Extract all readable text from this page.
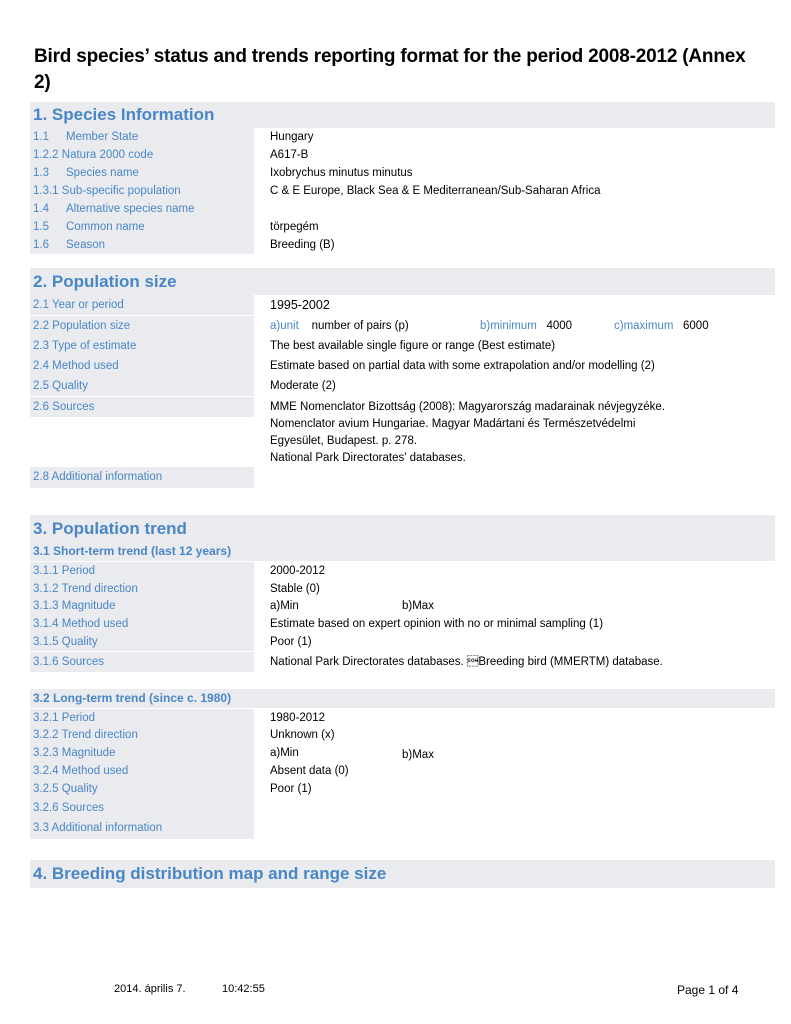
Bird species’ status and trends reporting format for the period 2008-2012 (Annex 2)
1. Species Information
1.1 Member State	Hungary
1.2.2 Natura 2000 code	A617-B
1.3 Species name	Ixobrychus minutus minutus
1.3.1 Sub-specific population	C & E Europe, Black Sea & E Mediterranean/Sub-Saharan Africa
1.4 Alternative species name
1.5 Common name	törpegém
1.6 Season	Breeding (B)
2. Population size
2.1 Year or period	1995-2002
2.2 Population size	a)unit number of pairs (p)	b)minimum 4000	c)maximum 6000
2.3 Type of estimate	The best available single figure or range (Best estimate)
2.4 Method used	Estimate based on partial data with some extrapolation and/or modelling (2)
2.5 Quality	Moderate (2)
2.6 Sources	MME Nomenclator Bizottság (2008): Magyarország madarainak névjegyzéke.
Nomenclator avium Hungariae. Magyar Madártani és Természetvédelmi
Egyesület, Budapest. p. 278.
National Park Directorates' databases.
2.8 Additional information
3. Population trend
3.1 Short-term trend (last 12 years)
3.1.1 Period	2000-2012
3.1.2 Trend direction	Stable (0)
3.1.3 Magnitude	a)Min	b)Max
3.1.4 Method used	Estimate based on expert opinion with no or minimal sampling (1)
3.1.5 Quality	Poor (1)
3.1.6 Sources	National Park Directorates databases. Breeding bird (MMERTM) database.
3.2 Long-term trend (since c. 1980)
3.2.1 Period	1980-2012
3.2.2 Trend direction	Unknown (x)
3.2.3 Magnitude	a)Min	b)Max
3.2.4 Method used	Absent data (0)
3.2.5 Quality	Poor (1)
3.2.6 Sources
3.3 Additional information
4. Breeding distribution map and range size
2014. április 7.	10:42:55	Page 1 of 4
